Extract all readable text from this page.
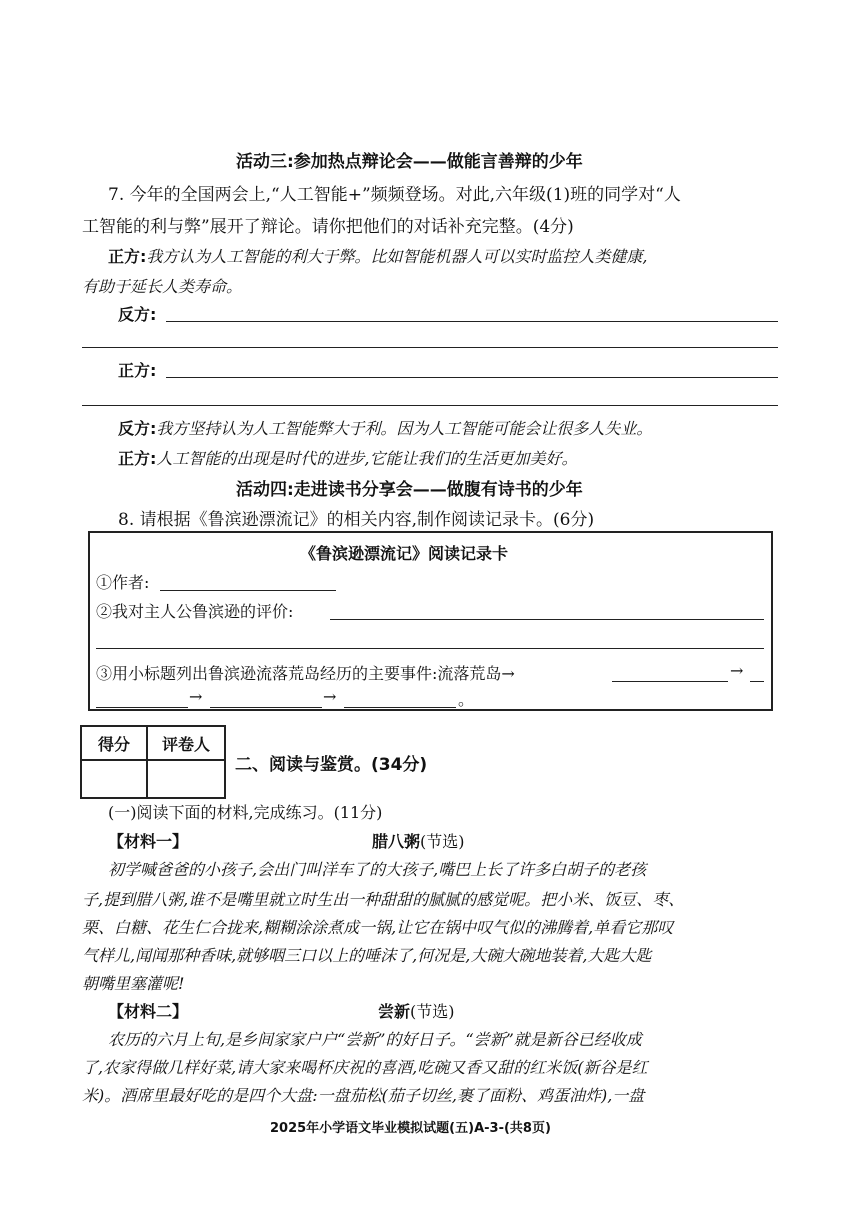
活动三:参加热点辩论会——做能言善辩的少年
7. 今年的全国两会上,“人工智能+”频频登场。对此,六年级(1)班的同学对“人
工智能的利与弊”展开了辩论。请你把他们的对话补充完整。(4分)
正方:我方认为人工智能的利大于弊。比如智能机器人可以实时监控人类健康,
有助于延长人类寿命。
反方:
正方:
反方:我方坚持认为人工智能弊大于利。因为人工智能可能会让很多人失业。
正方:人工智能的出现是时代的进步,它能让我们的生活更加美好。
活动四:走进读书分享会——做腹有诗书的少年
8. 请根据《鲁滨逊漂流记》的相关内容,制作阅读记录卡。(6分)
《鲁滨逊漂流记》阅读记录卡
①作者:
②我对主人公鲁滨逊的评价:
③用小标题列出鲁滨逊流落荒岛经历的主要事件:流落荒岛→	→
→	→	。
得分	评卷人

二、阅读与鉴赏。(34分)
(一)阅读下面的材料,完成练习。(11分)
【材料一】	腊八粥(节选)
初学喊爸爸的小孩子,会出门叫洋车了的大孩子,嘴巴上长了许多白胡子的老孩
子,提到腊八粥,谁不是嘴里就立时生出一种甜甜的腻腻的感觉呢。把小米、饭豆、枣、
栗、白糖、花生仁合拢来,糊糊涂涂煮成一锅,让它在锅中叹气似的沸腾着,单看它那叹
气样儿,闻闻那种香味,就够咽三口以上的唾沫了,何况是,大碗大碗地装着,大匙大匙
朝嘴里塞灌呢!
【材料二】	尝新(节选)
农历的六月上旬,是乡间家家户户“尝新”的好日子。“尝新”就是新谷已经收成
了,农家得做几样好菜,请大家来喝杯庆祝的喜酒,吃碗又香又甜的红米饭(新谷是红
米)。酒席里最好吃的是四个大盘:一盘茄松(茄子切丝,裹了面粉、鸡蛋油炸),一盘
2025年小学语文毕业模拟试题(五)A-3-(共8页)
